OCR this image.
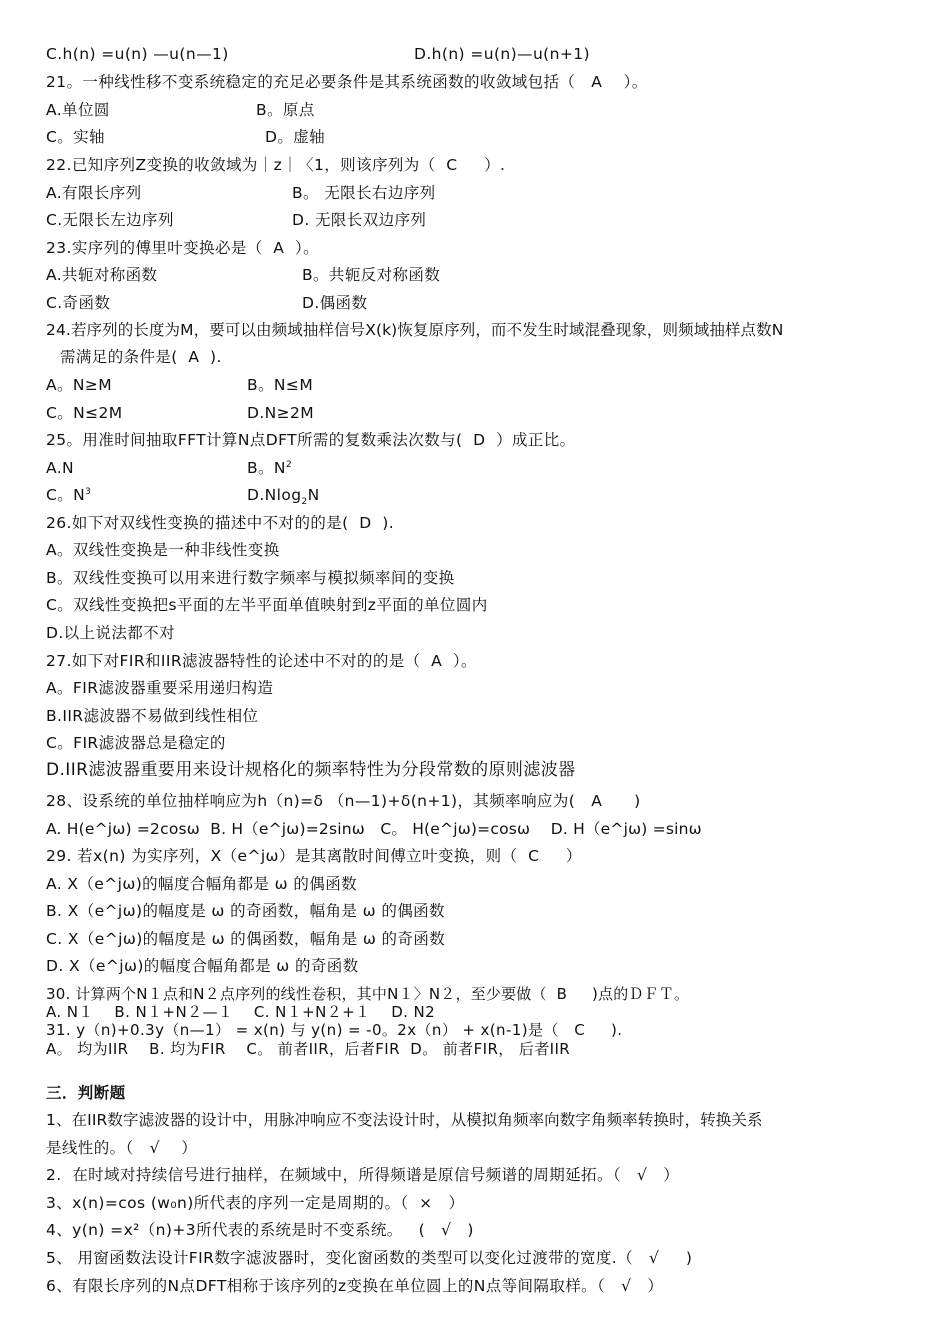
C.h(n) =u(n) —u(n—1)	D.h(n) =u(n)—u(n+1)
21。一种线性移不变系统稳定的充足必要条件是其系统函数的收敛域包括（   A    ）。
A.单位圆	B。原点
C。实轴	D。虚轴
22.已知序列Z变换的收敛域为｜z｜〈1，则该序列为（  C     ）.
A.有限长序列	B。 无限长右边序列
C.无限长左边序列	D. 无限长双边序列
23.实序列的傅里叶变换必是（  A  ）。
A.共轭对称函数	B。共轭反对称函数
C.奇函数	D.偶函数
24.若序列的长度为M，要可以由频域抽样信号X(k)恢复原序列，而不发生时域混叠现象，则频域抽样点数N
需满足的条件是(  A  ).
A。N≥M	B。N≤M
C。N≤2M	D.N≥2M
25。用准时间抽取FFT计算N点DFT所需的复数乘法次数与(  D  ）成正比。
A.N	B。$N^2$
C。$N^3$	D.Nlog$_2$N
26.如下对双线性变换的描述中不对的的是(  D  ).
A。双线性变换是一种非线性变换
B。双线性变换可以用来进行数字频率与模拟频率间的变换
C。双线性变换把s平面的左半平面单值映射到z平面的单位圆内
D.以上说法都不对
27.如下对FIR和IIR滤波器特性的论述中不对的的是（  A  ）。
A。FIR滤波器重要采用递归构造
B.IIR滤波器不易做到线性相位
C。FIR滤波器总是稳定的
D.IIR滤波器重要用来设计规格化的频率特性为分段常数的原则滤波器
28、设系统的单位抽样响应为h（n)=δ （n—1)+δ(n+1)，其频率响应为(   A      )
A. H(e^jω) =2cosω  B. H（e^jω)=2sinω   C。 H(e^jω)=cosω    D. H（e^jω) =sinω
29. 若x(n) 为实序列，X（e^jω）是其离散时间傅立叶变换，则（  C     ）
A. X（e^jω)的幅度合幅角都是 ω 的偶函数
B. X（e^jω)的幅度是 ω 的奇函数，幅角是 ω 的偶函数
C. X（e^jω)的幅度是 ω 的偶函数，幅角是 ω 的奇函数
D. X（e^jω)的幅度合幅角都是 ω 的奇函数
30. 计算两个N１点和N２点序列的线性卷积，其中N１〉N２，至少要做（  B     )点的ＤＦＴ。
A. N１    B. N１+N２—１    C. N１+N２+１    D. N2
31. y（n)+0.3y（n—1） = x(n) 与 y(n) = -0。2x（n） + x(n-1)是（   C     ).
A。 均为IIR    B. 均为FIR    C。 前者IIR，后者FIR  D。 前者FIR， 后者IIR
三．判断题
1、在IIR数字滤波器的设计中，用脉冲响应不变法设计时，从模拟角频率向数字角频率转换时，转换关系
是线性的。（   √    ）
2.  在时域对持续信号进行抽样，在频域中，所得频谱是原信号频谱的周期延拓。（   √   ）
3、x(n)=cos (w₀n)所代表的序列一定是周期的。（  ×   ）
4、y(n) =x²（n)+3所代表的系统是时不变系统。   (   √   )
5、 用窗函数法设计FIR数字滤波器时，变化窗函数的类型可以变化过渡带的宽度.（   √     )
6、有限长序列的N点DFT相称于该序列的z变换在单位圆上的N点等间隔取样。（   √   ）
